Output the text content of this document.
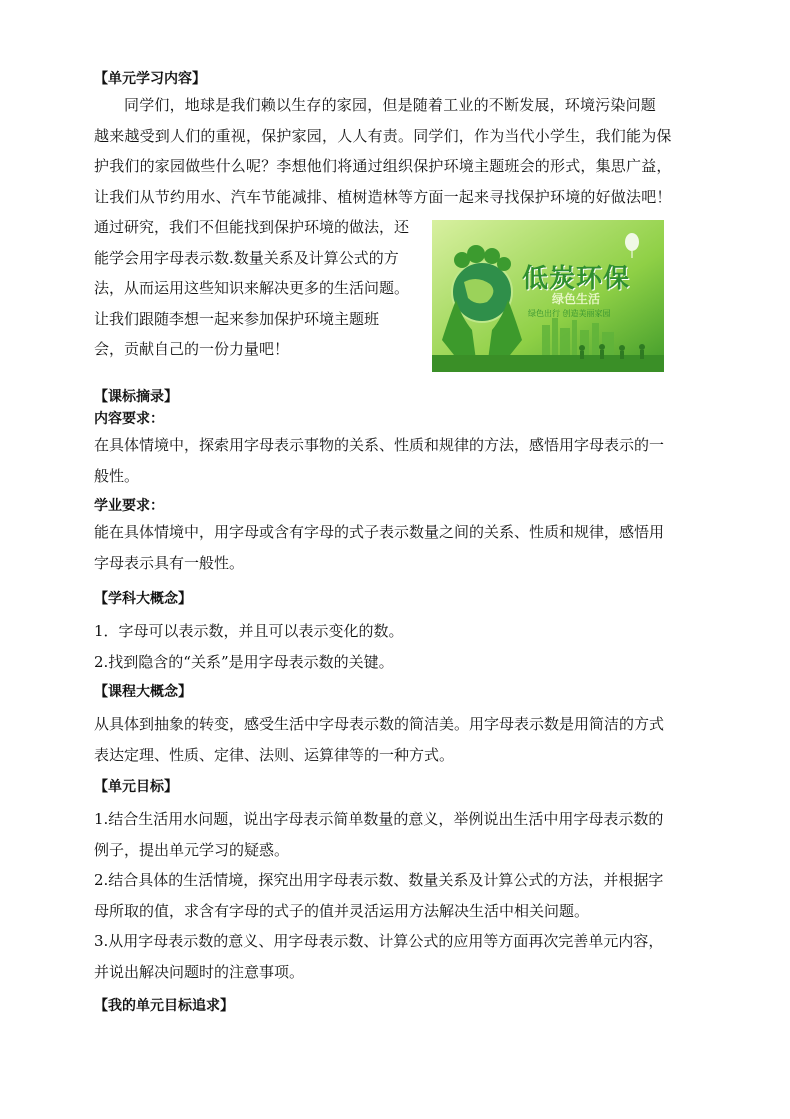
【单元学习内容】

同学们，地球是我们赖以生存的家园，但是随着工业的不断发展，环境污染问题

越来越受到人们的重视，保护家园，人人有责。同学们，作为当代小学生，我们能为保

护我们的家园做些什么呢？李想他们将通过组织保护环境主题班会的形式，集思广益，

让我们从节约用水、汽车节能减排、植树造林等方面一起来寻找保护环境的好做法吧！

通过研究，我们不但能找到保护环境的做法，还

能学会用字母表示数.数量关系及计算公式的方

法，从而运用这些知识来解决更多的生活问题。

让我们跟随李想一起来参加保护环境主题班

会，贡献自己的一份力量吧！

低炭环保
绿色生活
绿色出行 创造美丽家园

【课标摘录】

内容要求：

在具体情境中，探索用字母表示事物的关系、性质和规律的方法，感悟用字母表示的一

般性。

学业要求：

能在具体情境中，用字母或含有字母的式子表示数量之间的关系、性质和规律，感悟用

字母表示具有一般性。

【学科大概念】

1．字母可以表示数，并且可以表示变化的数。

2.找到隐含的“关系”是用字母表示数的关键。

【课程大概念】

从具体到抽象的转变，感受生活中字母表示数的简洁美。用字母表示数是用简洁的方式

表达定理、性质、定律、法则、运算律等的一种方式。

【单元目标】

1.结合生活用水问题，说出字母表示简单数量的意义，举例说出生活中用字母表示数的

例子，提出单元学习的疑惑。

2.结合具体的生活情境，探究出用字母表示数、数量关系及计算公式的方法，并根据字

母所取的值，求含有字母的式子的值并灵活运用方法解决生活中相关问题。

3.从用字母表示数的意义、用字母表示数、计算公式的应用等方面再次完善单元内容，

并说出解决问题时的注意事项。

【我的单元目标追求】
